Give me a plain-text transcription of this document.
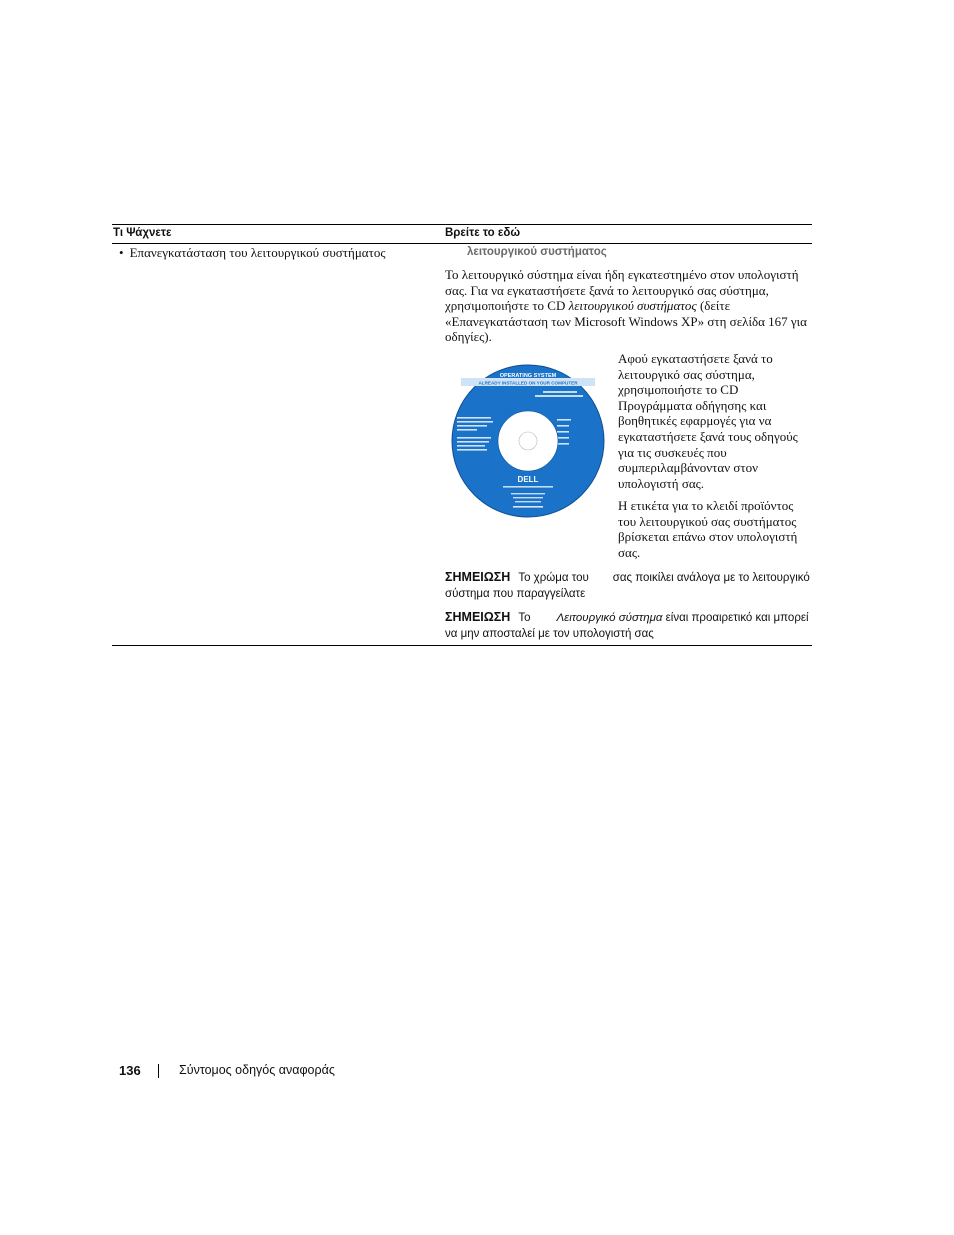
Τι Ψάχνετε	Βρείτε το εδώ
• Επανεγκατάσταση του λειτουργικού συστήματος	λειτουργικού συστήματος
Το λειτουργικό σύστημα είναι ήδη εγκατεστημένο στον υπολογιστή σας. Για να εγκαταστήσετε ξανά το λειτουργικό σας σύστημα, χρησιμοποιήστε το CD λειτουργικού συστήματος (δείτε «Επανεγκατάσταση των Microsoft Windows XP» στη σελίδα 167 για οδηγίες).
OPERATING SYSTEM
ALREADY INSTALLED ON YOUR COMPUTER
DELL
Αφού εγκαταστήσετε ξανά το λειτουργικό σας σύστημα, χρησιμοποιήστε το CD Προγράμματα οδήγησης και βοηθητικές εφαρμογές για να εγκαταστήσετε ξανά τους οδηγούς για τις συσκευές που συμπεριλαμβάνονταν στον υπολογιστή σας.
Η ετικέτα για το κλειδί προϊόντος του λειτουργικού σας συστήματος βρίσκεται επάνω στον υπολογιστή σας.
ΣΗΜΕΙΩΣΗ Το χρώμα του σας ποικίλει ανάλογα με το λειτουργικό σύστημα που παραγγείλατε
ΣΗΜΕΙΩΣΗ Το Λειτουργικό σύστημα είναι προαιρετικό και μπορεί να μην αποσταλεί με τον υπολογιστή σας
136	Σύντομος οδηγός αναφοράς
